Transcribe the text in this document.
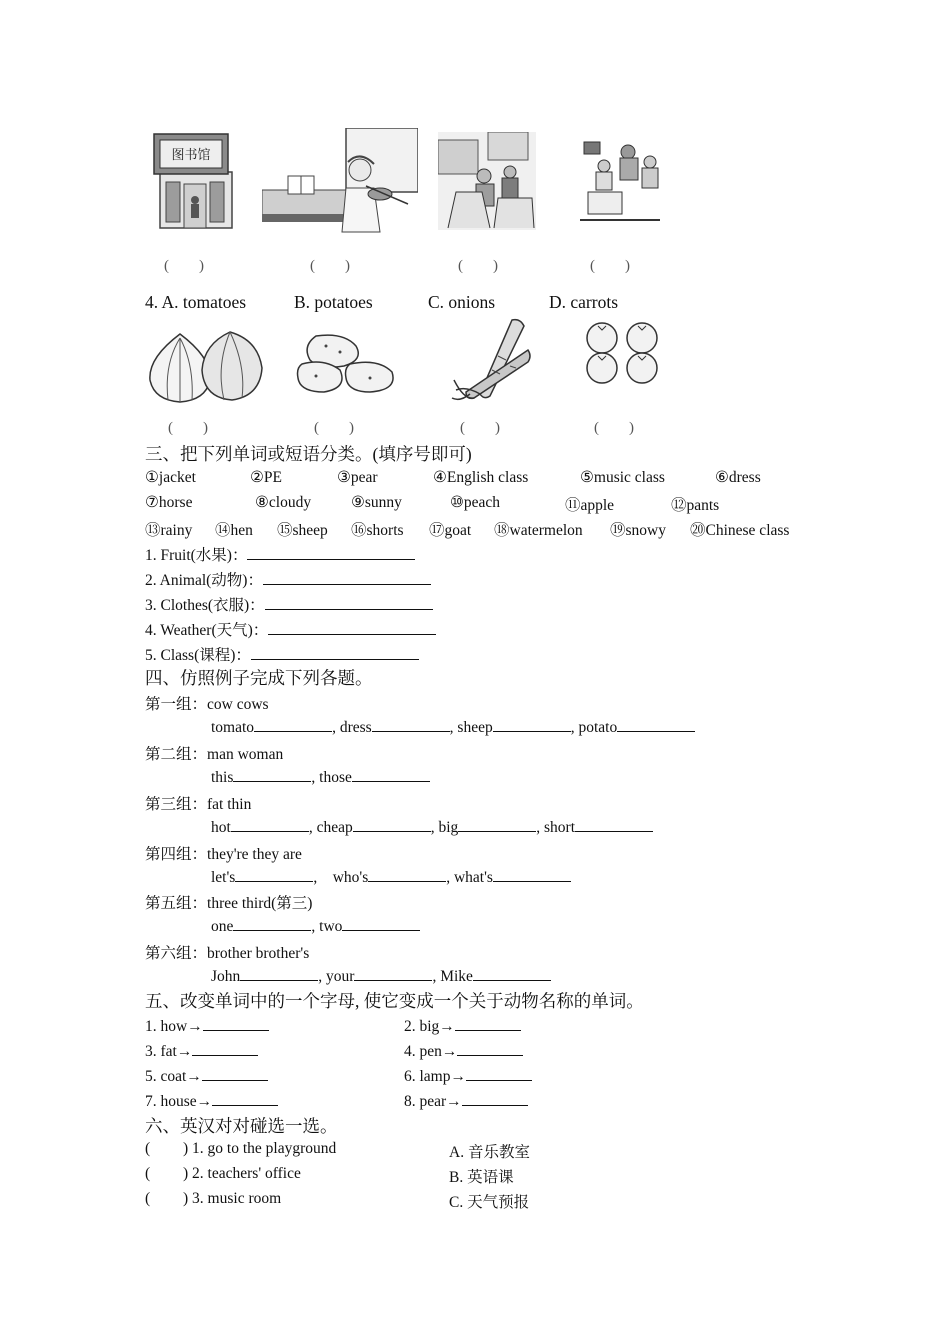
图书馆
(　　)	(　　)	(　　)	(　　)
4. A. tomatoes	B. potatoes	C. onions	D. carrots
(　　)	(　　)	(　　)	(　　)
三、把下列单词或短语分类。(填序号即可)
①jacket	②PE	③pear	④English class	⑤music class	⑥dress
⑦horse	⑧cloudy	⑨sunny	⑩peach	⑪apple	⑫pants
⑬rainy ⑭hen ⑮sheep ⑯shorts ⑰goat ⑱watermelon ⑲snowy ⑳Chinese class
1. Fruit(水果)：
2. Animal(动物)：
3. Clothes(衣服)：
4. Weather(天气)：
5. Class(课程)：
四、仿照例子完成下列各题。
第一组：cow cows
tomato	, dress	, sheep	, potato
第二组：man woman
this	, those
第三组：fat thin
hot	, cheap	, big	, short
第四组：they're they are
let's	,    who's	, what's
第五组：three third(第三)
one	, two
第六组：brother brother's
John	, your	, Mike
五、改变单词中的一个字母, 使它变成一个关于动物名称的单词。
1. how→	2. big→
3. fat→	4. pen→
5. coat→	6. lamp→
7. house→	8. pear→
六、英汉对对碰选一选。
( ) 1. go to the playground	A. 音乐教室
( ) 2. teachers' office	B. 英语课
( ) 3. music room	C. 天气预报
